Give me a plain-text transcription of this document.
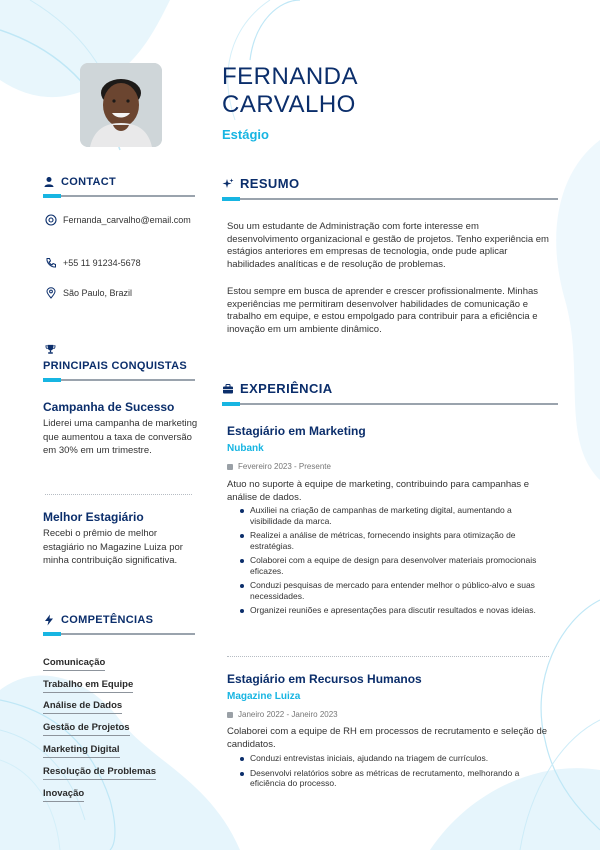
FERNANDA
CARVALHO
Estágio
CONTACT
Fernanda_carvalho@email.com
+55 11 91234-5678
São Paulo, Brazil
PRINCIPAIS CONQUISTAS
Campanha de Sucesso
Liderei uma campanha de marketing que aumentou a taxa de conversão em 30% em um trimestre.
Melhor Estagiário
Recebi o prêmio de melhor estagiário no Magazine Luiza por minha contribuição significativa.
COMPETÊNCIAS
Comunicação
Trabalho em Equipe
Análise de Dados
Gestão de Projetos
Marketing Digital
Resolução de Problemas
Inovação
RESUMO
Sou um estudante de Administração com forte interesse em desenvolvimento organizacional e gestão de projetos. Tenho experiência em estágios anteriores em empresas de tecnologia, onde pude aplicar habilidades analíticas e de resolução de problemas.
Estou sempre em busca de aprender e crescer profissionalmente. Minhas experiências me permitiram desenvolver habilidades de comunicação e trabalho em equipe, e estou empolgado para contribuir para a eficiência e inovação em um ambiente dinâmico.
EXPERIÊNCIA
Estagiário em Marketing
Nubank
Fevereiro 2023 - Presente
Atuo no suporte à equipe de marketing, contribuindo para campanhas e análise de dados.
Auxiliei na criação de campanhas de marketing digital, aumentando a visibilidade da marca.
Realizei a análise de métricas, fornecendo insights para otimização de estratégias.
Colaborei com a equipe de design para desenvolver materiais promocionais eficazes.
Conduzi pesquisas de mercado para entender melhor o público-alvo e suas necessidades.
Organizei reuniões e apresentações para discutir resultados e novas ideias.
Estagiário em Recursos Humanos
Magazine Luiza
Janeiro 2022 - Janeiro 2023
Colaborei com a equipe de RH em processos de recrutamento e seleção de candidatos.
Conduzi entrevistas iniciais, ajudando na triagem de currículos.
Desenvolvi relatórios sobre as métricas de recrutamento, melhorando a eficiência do processo.
